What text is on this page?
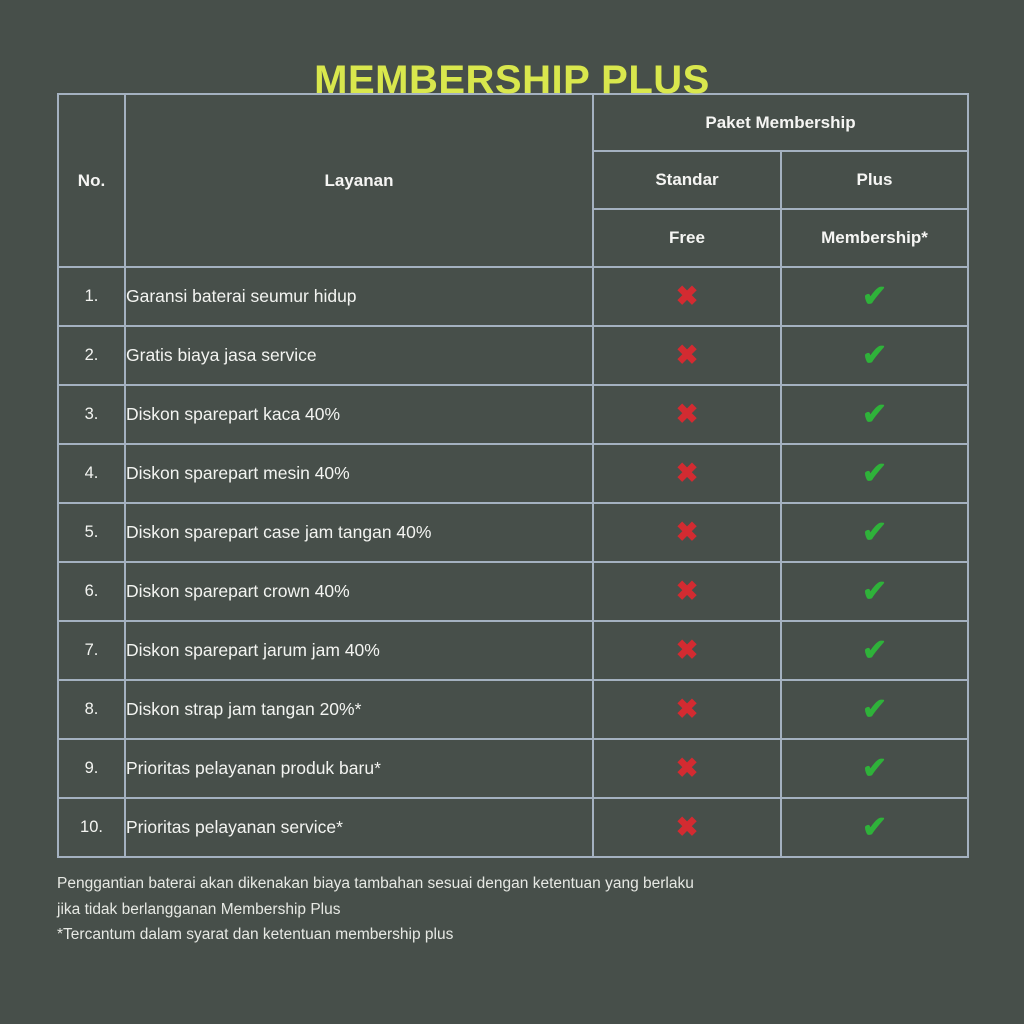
MEMBERSHIP PLUS
No.	Layanan	Paket Membership	
		Standar	Plus
		Free	Membership*
1.	Garansi baterai seumur hidup	✖	✔
2.	Gratis biaya jasa service	✖	✔
3.	Diskon sparepart kaca 40%	✖	✔
4.	Diskon sparepart mesin 40%	✖	✔
5.	Diskon sparepart case jam tangan 40%	✖	✔
6.	Diskon sparepart crown 40%	✖	✔
7.	Diskon sparepart jarum jam 40%	✖	✔
8.	Diskon strap jam tangan 20%*	✖	✔
9.	Prioritas pelayanan produk baru*	✖	✔
10.	Prioritas pelayanan service*	✖	✔

Penggantian baterai akan dikenakan biaya tambahan sesuai dengan ketentuan yang berlaku

jika tidak berlangganan Membership Plus

*Tercantum dalam syarat dan ketentuan membership plus
